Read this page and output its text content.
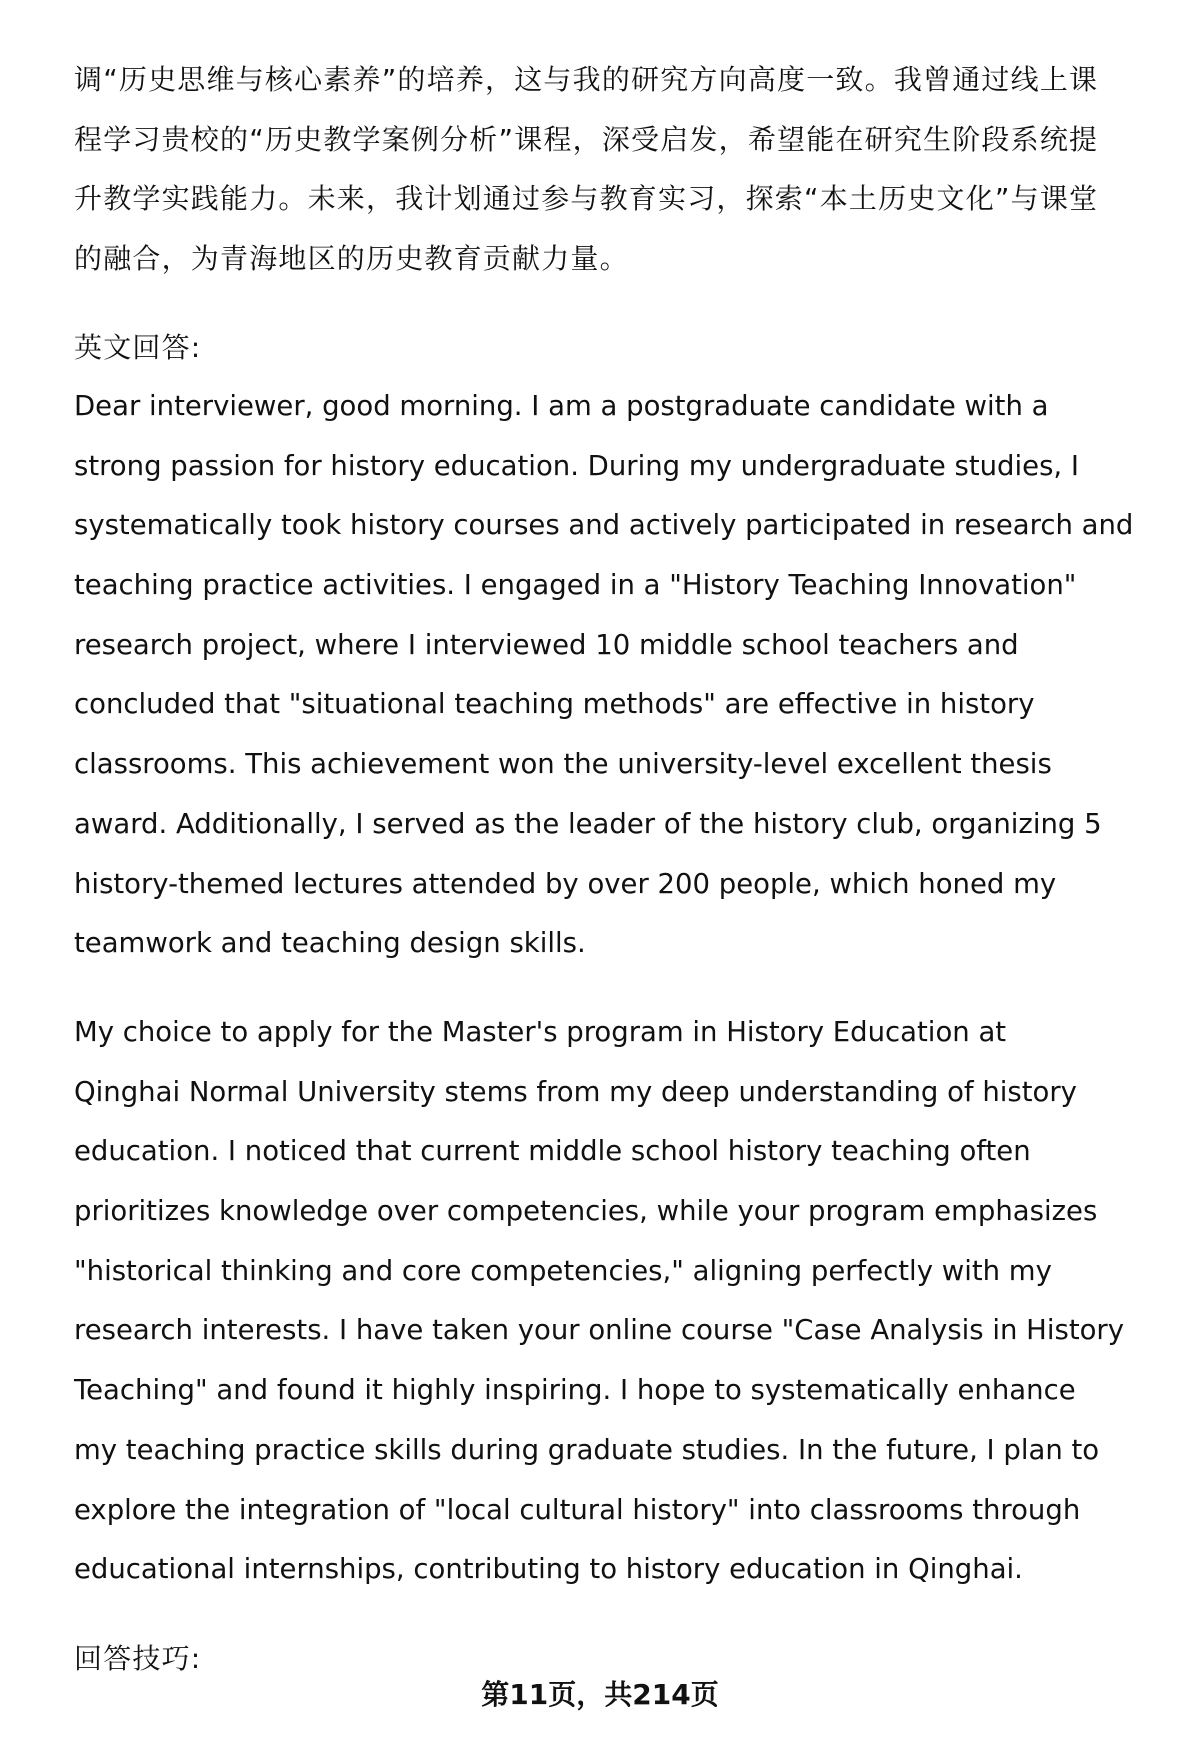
调“历史思维与核心素养”的培养，这与我的研究方向高度一致。我曾通过线上课
程学习贵校的“历史教学案例分析”课程，深受启发，希望能在研究生阶段系统提
升教学实践能力。未来，我计划通过参与教育实习，探索“本土历史文化”与课堂
的融合，为青海地区的历史教育贡献力量。
英文回答:
Dear interviewer, good morning. I am a postgraduate candidate with a
strong passion for history education. During my undergraduate studies, I
systematically took history courses and actively participated in research and
teaching practice activities. I engaged in a "History Teaching Innovation"
research project, where I interviewed 10 middle school teachers and
concluded that "situational teaching methods" are effective in history
classrooms. This achievement won the university-level excellent thesis
award. Additionally, I served as the leader of the history club, organizing 5
history-themed lectures attended by over 200 people, which honed my
teamwork and teaching design skills.
My choice to apply for the Master's program in History Education at
Qinghai Normal University stems from my deep understanding of history
education. I noticed that current middle school history teaching often
prioritizes knowledge over competencies, while your program emphasizes
"historical thinking and core competencies," aligning perfectly with my
research interests. I have taken your online course "Case Analysis in History
Teaching" and found it highly inspiring. I hope to systematically enhance
my teaching practice skills during graduate studies. In the future, I plan to
explore the integration of "local cultural history" into classrooms through
educational internships, contributing to history education in Qinghai.
回答技巧:
第11页，共214页
